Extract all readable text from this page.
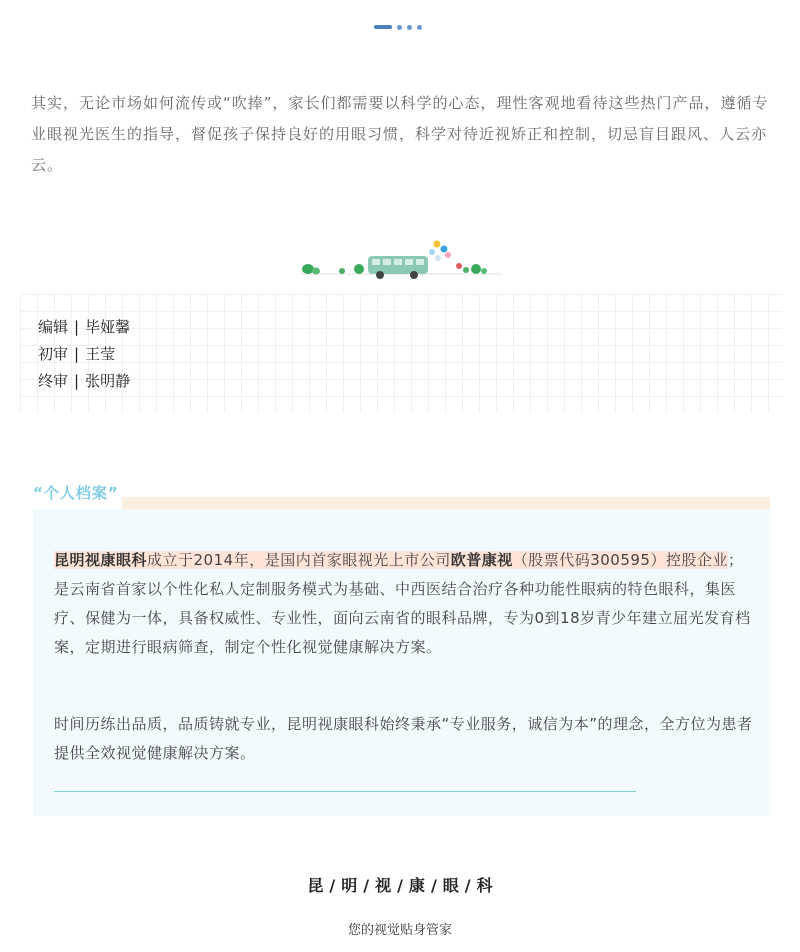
其实，无论市场如何流传或“吹捧”，家长们都需要以科学的心态，理性客观地看待这些热门产品，遵循专业眼视光医生的指导，督促孩子保持良好的用眼习惯，科学对待近视矫正和控制，切忌盲目跟风、人云亦云。

编辑 | 毕娅馨
初审 | 王莹
终审 | 张明静
“个人档案”

昆明视康眼科成立于2014年，是国内首家眼视光上市公司欧普康视（股票代码300595）控股企业；是云南省首家以个性化私人定制服务模式为基础、中西医结合治疗各种功能性眼病的特色眼科，集医疗、保健为一体，具备权威性、专业性，面向云南省的眼科品牌，专为0到18岁青少年建立屈光发育档案，定期进行眼病筛查，制定个性化视觉健康解决方案。

时间历练出品质，品质铸就专业，昆明视康眼科始终秉承“专业服务，诚信为本”的理念，全方位为患者提供全效视觉健康解决方案。

昆 / 明 / 视 / 康 / 眼 / 科
您的视觉贴身管家
